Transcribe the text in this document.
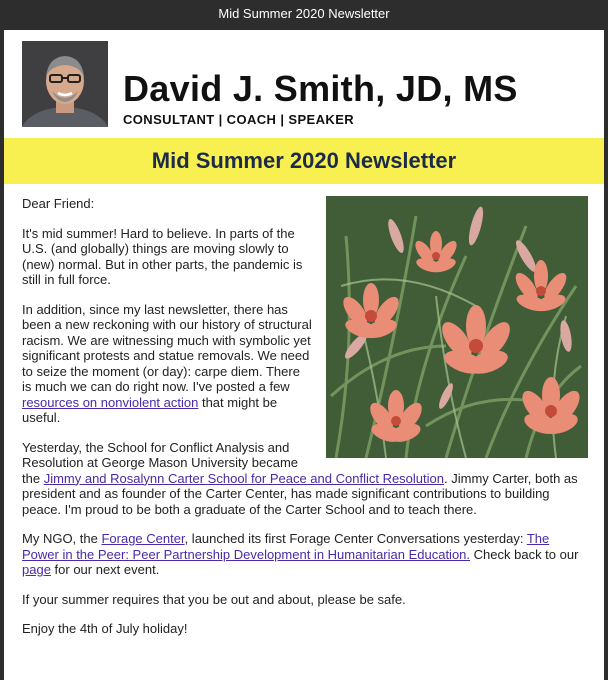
Mid Summer 2020 Newsletter
David J. Smith, JD, MS
CONSULTANT | COACH | SPEAKER
Mid Summer 2020 Newsletter

Dear Friend:

It's mid summer! Hard to believe. In parts of the U.S. (and globally) things are moving slowly to (new) normal. But in other parts, the pandemic is still in full force.

In addition, since my last newsletter, there has been a new reckoning with our history of structural racism. We are witnessing much with symbolic yet significant protests and statue removals. We need to seize the moment (or day): carpe diem. There is much we can do right now. I've posted a few resources on nonviolent action that might be useful.

Yesterday, the School for Conflict Analysis and Resolution at George Mason University became the Jimmy and Rosalynn Carter School for Peace and Conflict Resolution. Jimmy Carter, both as president and as founder of the Carter Center, has made significant contributions to building peace. I'm proud to be both a graduate of the Carter School and to teach there.

My NGO, the Forage Center, launched its first Forage Center Conversations yesterday: The Power in the Peer: Peer Partnership Development in Humanitarian Education. Check back to our page for our next event.

If your summer requires that you be out and about, please be safe.

Enjoy the 4th of July holiday!
